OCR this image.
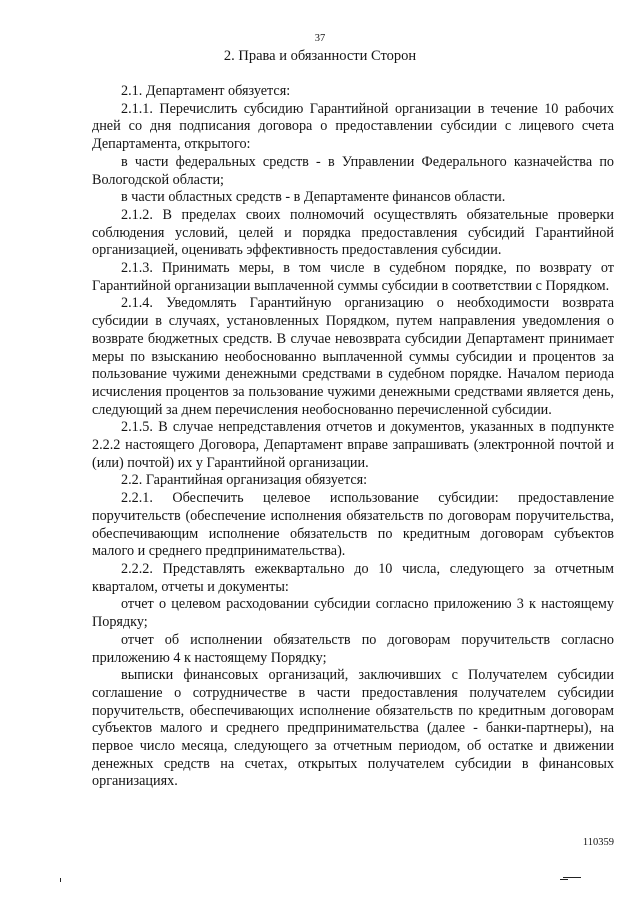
37
2. Права и обязанности Сторон

2.1. Департамент обязуется:

2.1.1. Перечислить субсидию Гарантийной организации в течение 10 рабочих дней со дня подписания договора о предоставлении субсидии с лицевого счета Департамента, открытого:

в части федеральных средств - в Управлении Федерального казначейства по Вологодской области;

в части областных средств - в Департаменте финансов области.

2.1.2. В пределах своих полномочий осуществлять обязательные проверки соблюдения условий, целей и порядка предоставления субсидий Гарантийной организацией, оценивать эффективность предоставления субсидии.

2.1.3. Принимать меры, в том числе в судебном порядке, по возврату от Гарантийной организации выплаченной суммы субсидии в соответствии с Порядком.

2.1.4. Уведомлять Гарантийную организацию о необходимости возврата субсидии в случаях, установленных Порядком, путем направления уведомления о возврате бюджетных средств. В случае невозврата субсидии Департамент принимает меры по взысканию необоснованно выплаченной суммы субсидии и процентов за пользование чужими денежными средствами в судебном порядке. Началом периода исчисления процентов за пользование чужими денежными средствами является день, следующий за днем перечисления необоснованно перечисленной субсидии.

2.1.5. В случае непредставления отчетов и документов, указанных в подпункте 2.2.2 настоящего Договора, Департамент вправе запрашивать (электронной почтой и (или) почтой) их у Гарантийной организации.

2.2. Гарантийная организация обязуется:

2.2.1. Обеспечить целевое использование субсидии: предоставление поручительств (обеспечение исполнения обязательств по договорам поручительства, обеспечивающим исполнение обязательств по кредитным договорам субъектов малого и среднего предпринимательства).

2.2.2. Представлять ежеквартально до 10 числа, следующего за отчетным кварталом, отчеты и документы:

отчет о целевом расходовании субсидии согласно приложению 3 к настоящему Порядку;

отчет об исполнении обязательств по договорам поручительств согласно приложению 4 к настоящему Порядку;

выписки финансовых организаций, заключивших с Получателем субсидии соглашение о сотрудничестве в части предоставления получателем субсидии поручительств, обеспечивающих исполнение обязательств по кредитным договорам субъектов малого и среднего предпринимательства (далее - банки-партнеры), на первое число месяца, следующего за отчетным периодом, об остатке и движении денежных средств на счетах, открытых получателем субсидии в финансовых организациях.

110359
